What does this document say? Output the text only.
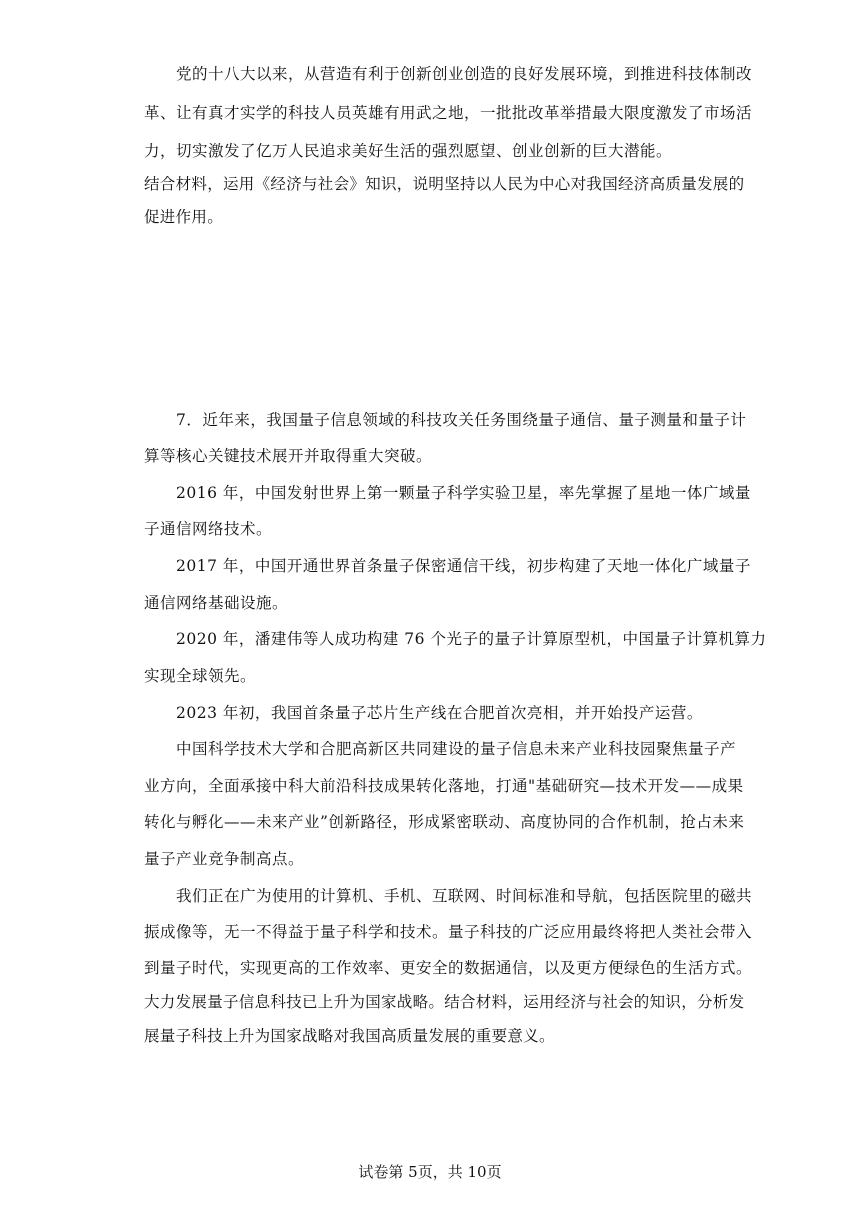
党的十八大以来，从营造有利于创新创业创造的良好发展环境，到推进科技体制改
革、让有真才实学的科技人员英雄有用武之地，一批批改革举措最大限度激发了市场活
力，切实激发了亿万人民追求美好生活的强烈愿望、创业创新的巨大潜能。
结合材料，运用《经济与社会》知识，说明坚持以人民为中心对我国经济高质量发展的
促进作用。
7．近年来，我国量子信息领域的科技攻关任务围绕量子通信、量子测量和量子计
算等核心关键技术展开并取得重大突破。
2016 年，中国发射世界上第一颗量子科学实验卫星，率先掌握了星地一体广域量
子通信网络技术。
2017 年，中国开通世界首条量子保密通信干线，初步构建了天地一体化广域量子
通信网络基础设施。
2020 年，潘建伟等人成功构建 76 个光子的量子计算原型机，中国量子计算机算力
实现全球领先。
2023 年初，我国首条量子芯片生产线在合肥首次亮相，并开始投产运营。
中国科学技术大学和合肥高新区共同建设的量子信息未来产业科技园聚焦量子产
业方向，全面承接中科大前沿科技成果转化落地，打通"基础研究—技术开发——成果
转化与孵化——未来产业”创新路径，形成紧密联动、高度协同的合作机制，抢占未来
量子产业竞争制高点。
我们正在广为使用的计算机、手机、互联网、时间标准和导航，包括医院里的磁共
振成像等，无一不得益于量子科学和技术。量子科技的广泛应用最终将把人类社会带入
到量子时代，实现更高的工作效率、更安全的数据通信，以及更方便绿色的生活方式。
大力发展量子信息科技已上升为国家战略。结合材料，运用经济与社会的知识，分析发
展量子科技上升为国家战略对我国高质量发展的重要意义。
试卷第 5页，共 10页
